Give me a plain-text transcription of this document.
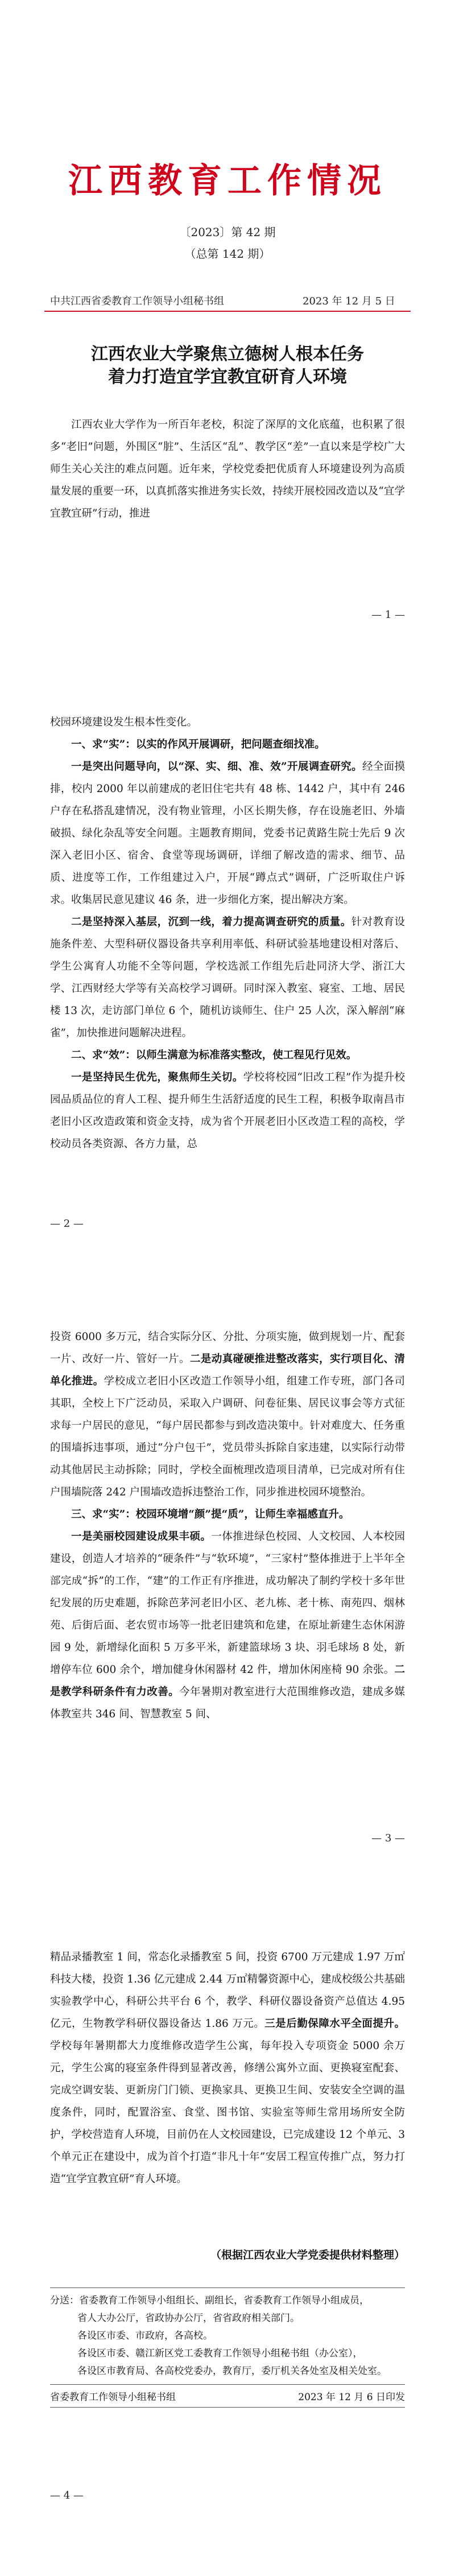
江西教育工作情况
〔2023〕第 42 期
（总第 142 期）
中共江西省委教育工作领导小组秘书组	2023 年 12 月 5 日
江西农业大学聚焦立德树人根本任务
着力打造宜学宜教宜研育人环境

江西农业大学作为一所百年老校，积淀了深厚的文化底蕴，也积累了很多“老旧”问题，外围区“脏”、生活区“乱”、教学区“差”一直以来是学校广大师生关心关注的难点问题。近年来，学校党委把优质育人环境建设列为高质量发展的重要一环，以真抓落实推进务实长效，持续开展校园改造以及“宜学宜教宜研”行动，推进

— 1 —
校园环境建设发生根本性变化。

一、求“实”：以实的作风开展调研，把问题查细找准。

一是突出问题导向，以“深、实、细、准、效”开展调查研究。经全面摸排，校内 2000 年以前建成的老旧住宅共有 48 栋、1442 户，其中有 246 户存在私搭乱建情况，没有物业管理，小区长期失修，存在设施老旧、外墙破损、绿化杂乱等安全问题。主题教育期间，党委书记黄路生院士先后 9 次深入老旧小区、宿舍、食堂等现场调研，详细了解改造的需求、细节、品质、进度等工作，工作组建过入户，开展“蹲点式”调研，广泛听取住户诉求。收集居民意见建议 46 条，进一步细化方案，提出解决方案。

二是坚持深入基层，沉到一线，着力提高调查研究的质量。针对教育设施条件差、大型科研仪器设备共享利用率低、科研试验基地建设相对落后、学生公寓育人功能不全等问题，学校选派工作组先后赴同济大学、浙江大学、江西财经大学等有关高校学习调研。同时深入教室、寝室、工地、居民楼 13 次，走访部门单位 6 个，随机访谈师生、住户 25 人次，深入解剖“麻雀”，加快推进问题解决进程。

二、求“效”：以师生满意为标准落实整改，使工程见行见效。

一是坚持民生优先，聚焦师生关切。学校将校园“旧改工程”作为提升校园品质品位的育人工程、提升师生生活舒适度的民生工程，积极争取南昌市老旧小区改造政策和资金支持，成为省个开展老旧小区改造工程的高校，学校动员各类资源、各方力量，总

— 2 —
投资 6000 多万元，结合实际分区、分批、分项实施，做到规划一片、配套一片、改好一片、管好一片。二是动真碰硬推进整改落实，实行项目化、清单化推进。学校成立老旧小区改造工作领导小组，组建工作专班，部门各司其职，全校上下广泛动员，采取入户调研、问卷征集、居民议事会等方式征求每一户居民的意见，“每户居民都参与到改造决策中。针对难度大、任务重的围墙拆违事项，通过“分户包干”，党员带头拆除自家违建，以实际行动带动其他居民主动拆除；同时，学校全面梳理改造项目清单，已完成对所有住户围墙院落 242 户围墙改造拆违整治工作，同步推进校园环境整治。

三、求“实”：校园环境增“颜”提“质”，让师生幸福感直升。

一是美丽校园建设成果丰硕。一体推进绿色校园、人文校园、人本校园建设，创造人才培养的“硬条件”与“软环境”，“三家村”整体推进于上半年全部完成“拆”的工作，“建”的工作正有序推进，成功解决了制约学校十多年世纪发展的历史难题，拆除芭茅河老旧小区、老九栋、老十栋、南苑四、烟林苑、后街后面、老农贸市场等一批老旧建筑和危建，在原址新建生态休闲游园 9 处，新增绿化面积 5 万多平米，新建篮球场 3 块、羽毛球场 8 处，新增停车位 600 余个，增加健身休闲器材 42 件，增加休闲座椅 90 余张。二是教学科研条件有力改善。今年暑期对教室进行大范围维修改造，建成多媒体教室共 346 间、智慧教室 5 间、

— 3 —
精品录播教室 1 间，常态化录播教室 5 间，投资 6700 万元建成 1.97 万㎡科技大楼，投资 1.36 亿元建成 2.44 万㎡精馨资源中心，建成校级公共基础实验教学中心，科研公共平台 6 个，教学、科研仪器设备资产总值达 4.95 亿元，生物教学科研仪器设备达 1.86 万元。三是后勤保障水平全面提升。学校每年暑期都大力度维修改造学生公寓，每年投入专项资金 5000 余万元，学生公寓的寝室条件得到显著改善，修缮公寓外立面、更换寝室配套、完成空调安装、更新房门门锁、更换家具、更换卫生间、安装安全空调的温度条件，同时，配置浴室、食堂、图书馆、实验室等师生常用场所安全防护，学校营造育人环境，目前仍在人文校园建设，已完成建设 12 个单元、3 个单元正在建设中，成为首个打造“非凡十年”安居工程宣传推广点，努力打造“宜学宜教宜研”育人环境。
（根据江西农业大学党委提供材料整理）
分送：省委教育工作领导小组组长、副组长，省委教育工作领导小组成员，
省人大办公厅，省政协办公厅，省省政府相关部门。
各设区市委、市政府，各高校。
各设区市委、赣江新区党工委教育工作领导小组秘书组（办公室），
各设区市教育局、各高校党委办，教育厅，委厅机关各处室及相关处室。
省委教育工作领导小组秘书组	2023 年 12 月 6 日印发
— 4 —
